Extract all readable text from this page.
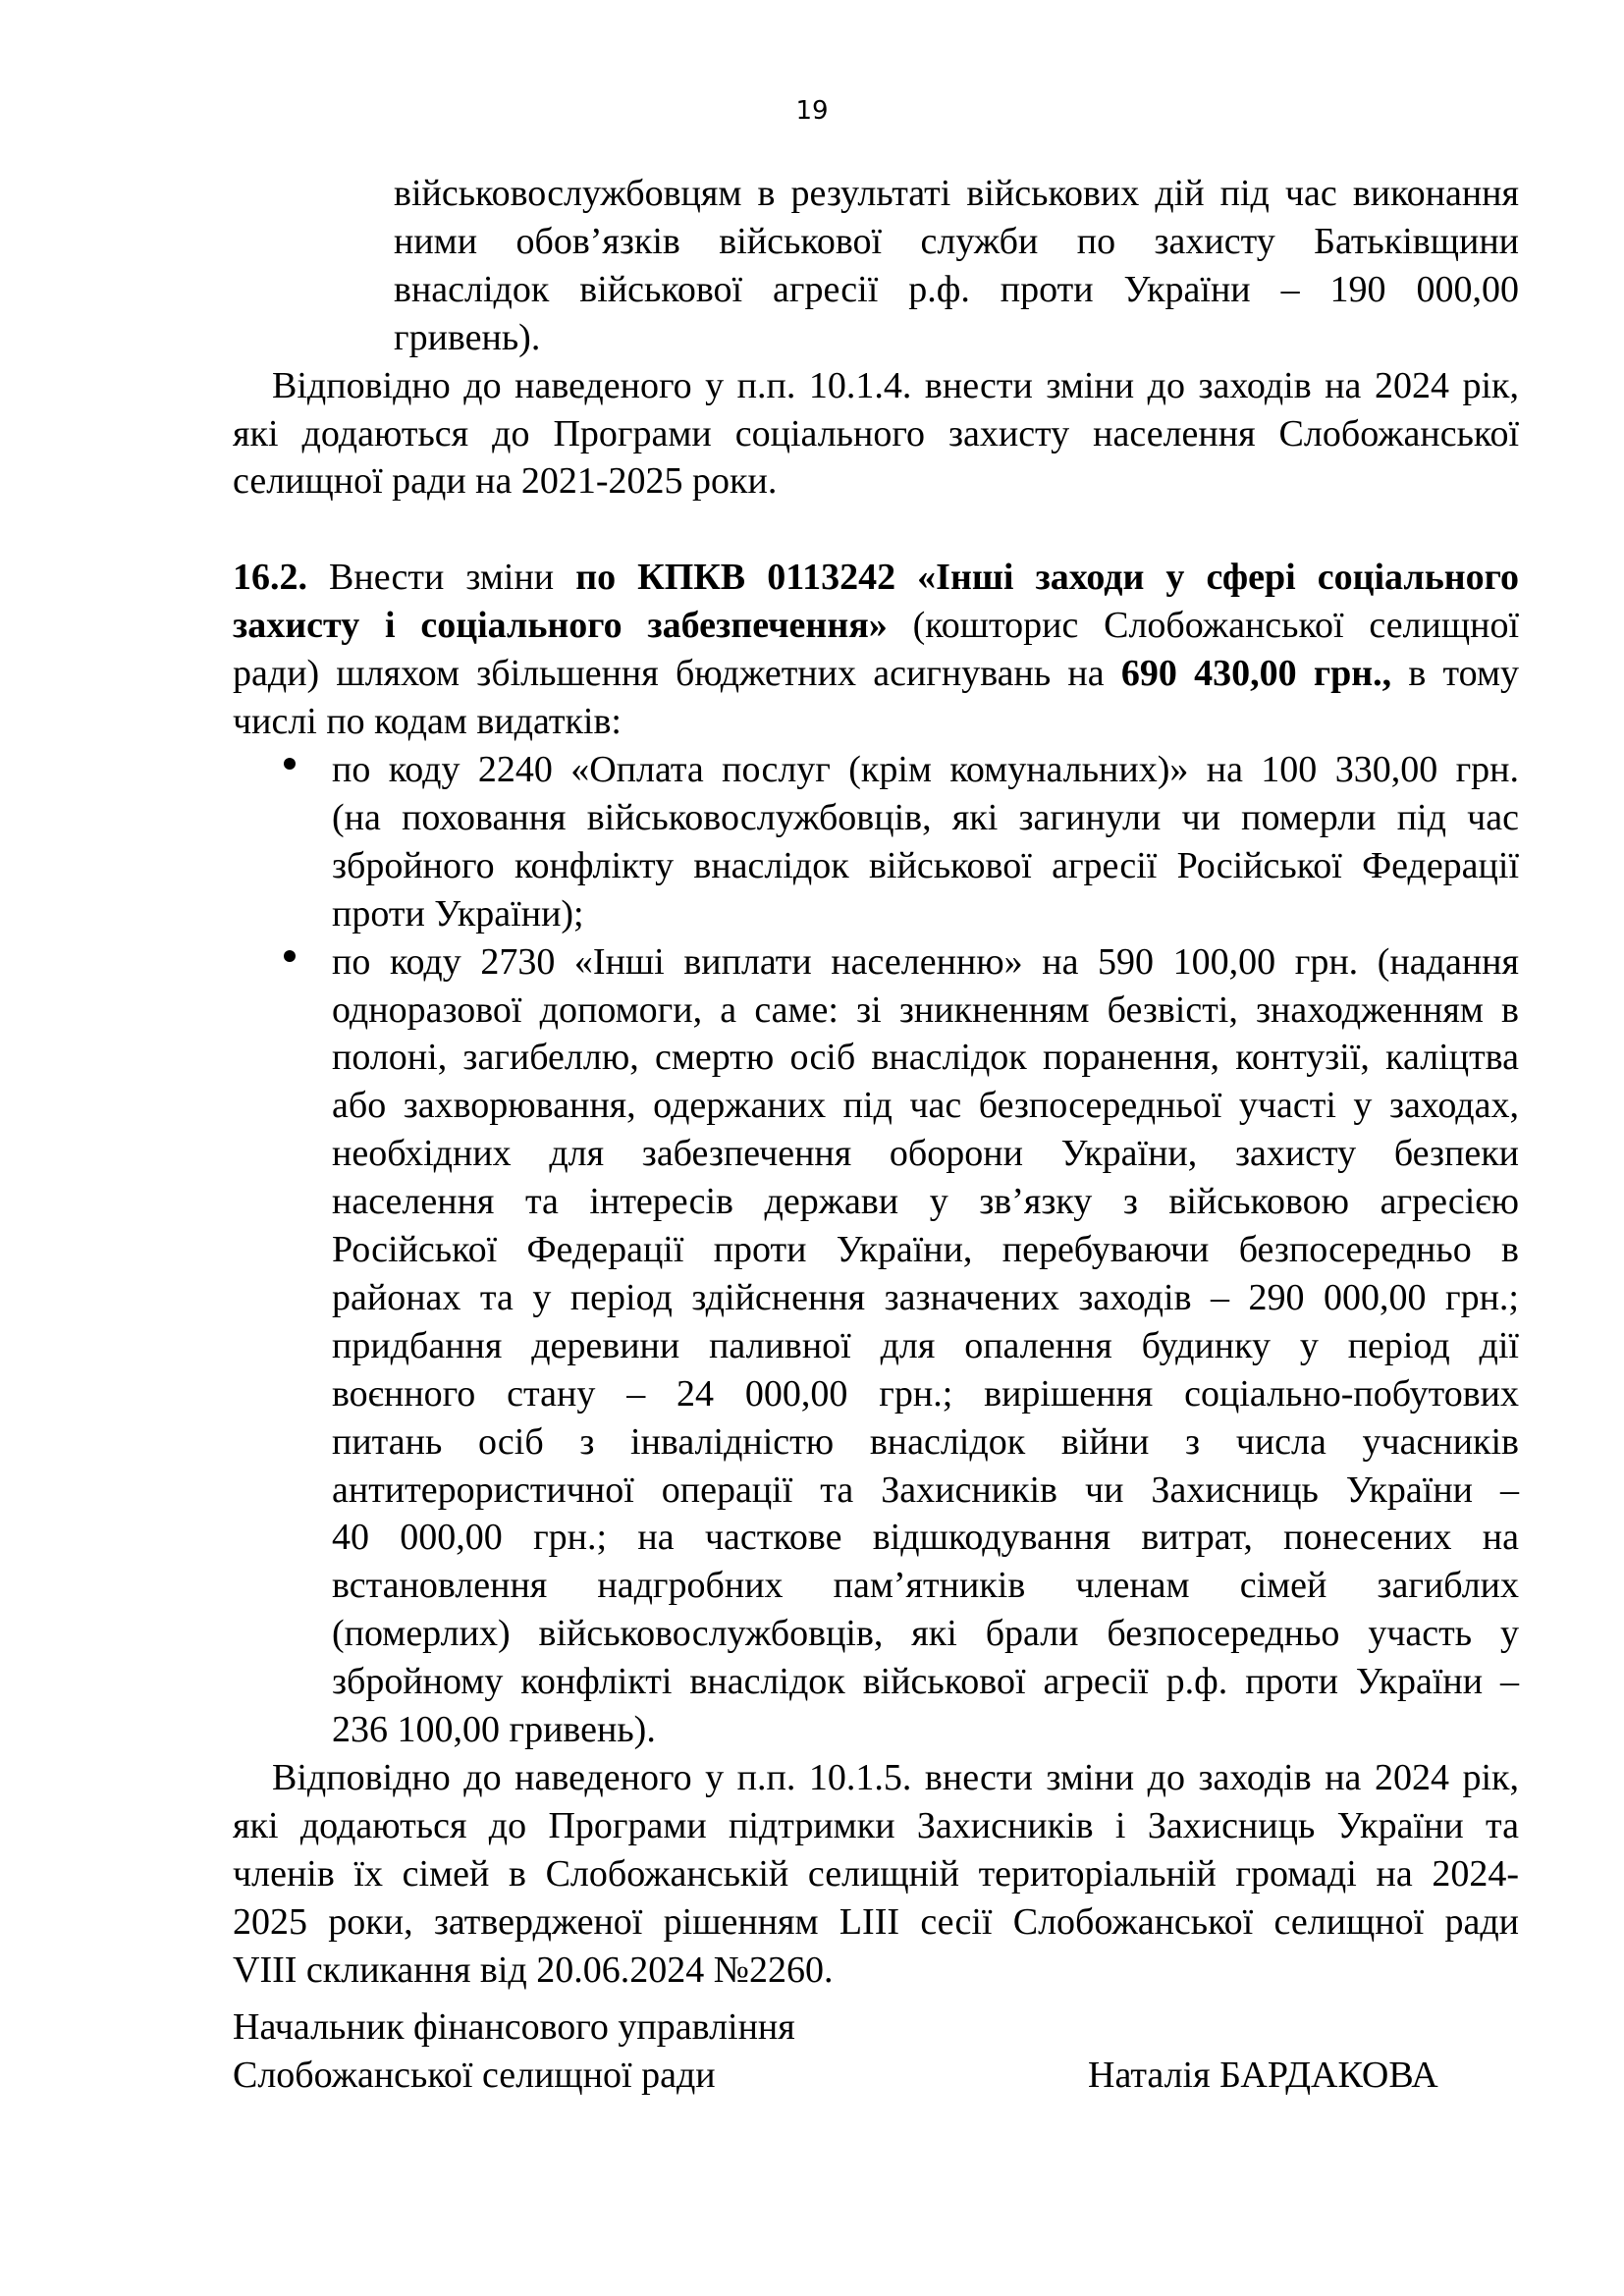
19

військовослужбовцям в результаті військових дій під час виконання

ними обов’язків військової служби по захисту Батьківщини

внаслідок військової агресії р.ф. проти України – 190 000,00

гривень).

Відповідно до наведеного у п.п. 10.1.4. внести зміни до заходів на 2024 рік,

які додаються до Програми соціального захисту населення Слобожанської

селищної ради на 2021-2025 роки.

16.2. Внести зміни по КПКВ 0113242 «Інші заходи у сфері соціального

захисту і соціального забезпечення» (кошторис Слобожанської селищної

ради) шляхом збільшення бюджетних асигнувань на 690 430,00 грн., в тому

числі по кодам видатків:

по коду 2240 «Оплата послуг (крім комунальних)» на 100 330,00 грн.

(на поховання військовослужбовців, які загинули чи померли під час

збройного конфлікту внаслідок військової агресії Російської Федерації

проти України);

по коду 2730 «Інші виплати населенню» на 590 100,00 грн. (надання

одноразової допомоги, а саме: зі зникненням безвісті, знаходженням в

полоні, загибеллю, смертю осіб внаслідок поранення, контузії, каліцтва

або захворювання, одержаних під час безпосередньої участі у заходах,

необхідних для забезпечення оборони України, захисту безпеки

населення та інтересів держави у зв’язку з військовою агресією

Російської Федерації проти України, перебуваючи безпосередньо в

районах та у період здійснення зазначених заходів – 290 000,00 грн.;

придбання деревини паливної для опалення будинку у період дії

воєнного стану – 24 000,00 грн.; вирішення соціально-побутових

питань осіб з інвалідністю внаслідок війни з числа учасників

антитерористичної операції та Захисників чи Захисниць України –

40 000,00 грн.; на часткове відшкодування витрат, понесених на

встановлення надгробних пам’ятників членам сімей загиблих

(померлих) військовослужбовців, які брали безпосередньо участь у

збройному конфлікті внаслідок військової агресії р.ф. проти України –

236 100,00 гривень).

Відповідно до наведеного у п.п. 10.1.5. внести зміни до заходів на 2024 рік,

які додаються до Програми підтримки Захисників і Захисниць України та

членів їх сімей в Слобожанській селищній територіальній громаді на 2024-

2025 роки, затвердженої рішенням LIII сесії Слобожанської селищної ради

VIII скликання від 20.06.2024 №2260.

Начальник фінансового управління
Слобожанської селищної ради	Наталія БАРДАКОВА
